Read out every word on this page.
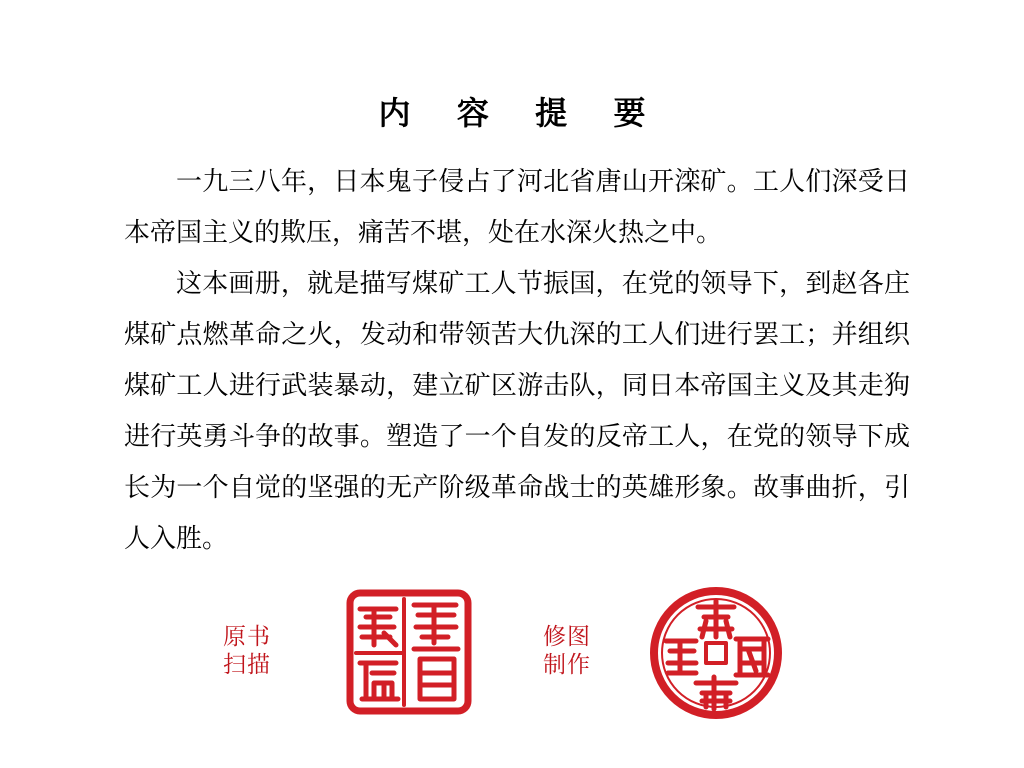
内 容 提 要

一九三八年，日本鬼子侵占了河北省唐山开滦矿。工人们深受日本帝国主义的欺压，痛苦不堪，处在水深火热之中。

这本画册，就是描写煤矿工人节振国，在党的领导下，到赵各庄煤矿点燃革命之火，发动和带领苦大仇深的工人们进行罢工；并组织煤矿工人进行武装暴动，建立矿区游击队，同日本帝国主义及其走狗进行英勇斗争的故事。塑造了一个自发的反帝工人，在党的领导下成长为一个自觉的坚强的无产阶级革命战士的英雄形象。故事曲折，引人入胜。

原书
扫描
修图
制作
